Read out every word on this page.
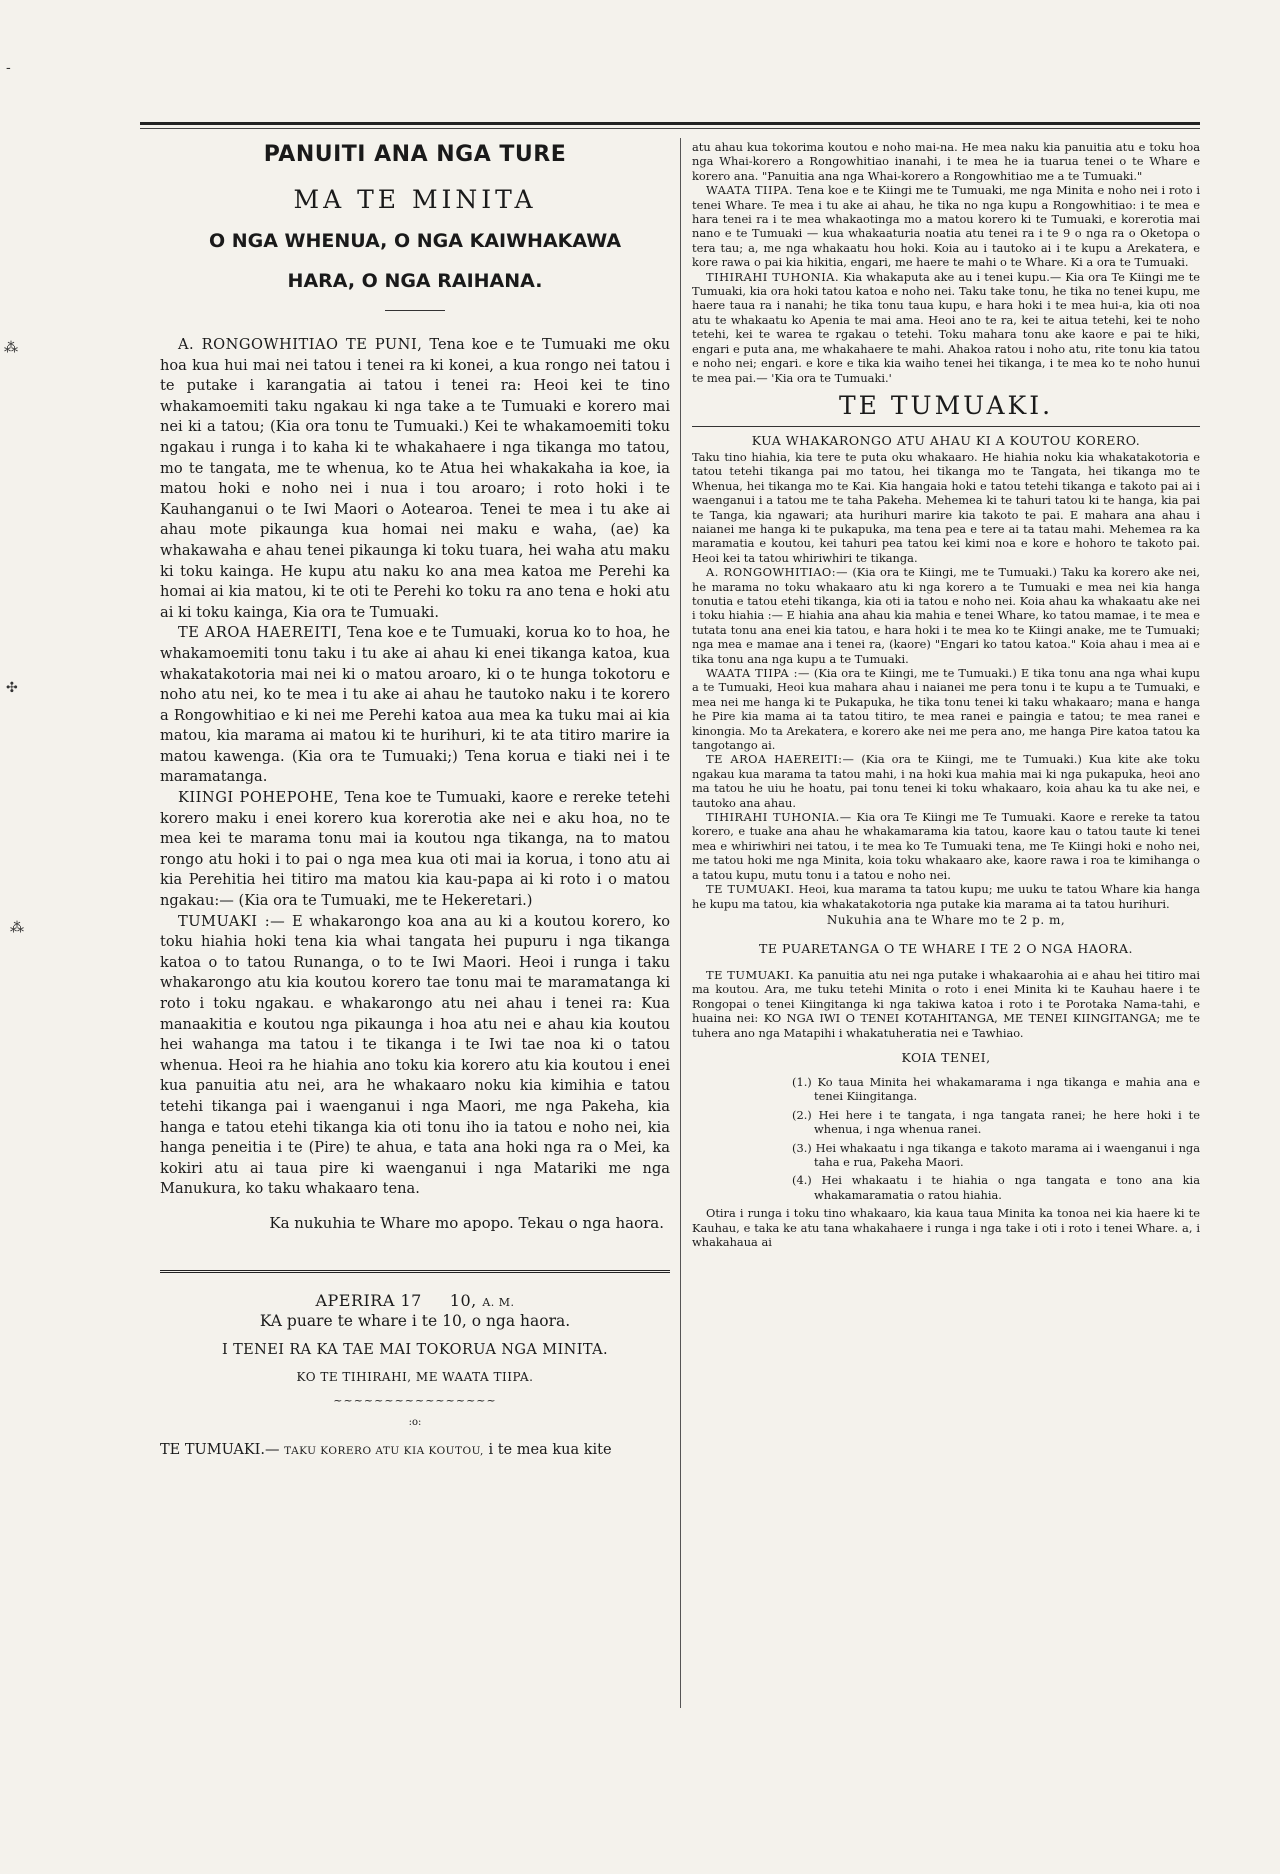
-
⁂
✣
⁂
PANUITI ANA NGA TURE
MA TE MINITA
O NGA WHENUA, O NGA KAIWHAKAWA
HARA, O NGA RAIHANA.

A. RONGOWHITIAO TE PUNI, Tena koe e te Tumuaki me oku hoa kua hui mai nei tatou i tenei ra ki konei, a kua rongo nei tatou i te putake i karangatia ai tatou i tenei ra: Heoi kei te tino whakamoemiti taku ngakau ki nga take a te Tumuaki e korero mai nei ki a tatou; (Kia ora tonu te Tumuaki.) Kei te whakamoemiti toku ngakau i runga i to kaha ki te whakahaere i nga tikanga mo tatou, mo te tangata, me te whenua, ko te Atua hei whakakaha ia koe, ia matou hoki e noho nei i nua i tou aroaro; i roto hoki i te Kauhanganui o te Iwi Maori o Aotearoa. Tenei te mea i tu ake ai ahau mote pikaunga kua homai nei maku e waha, (ae) ka whakawaha e ahau tenei pikaunga ki toku tuara, hei waha atu maku ki toku kainga. He kupu atu naku ko ana mea katoa me Perehi ka homai ai kia matou, ki te oti te Perehi ko toku ra ano tena e hoki atu ai ki toku kainga, Kia ora te Tumuaki.

TE AROA HAEREITI, Tena koe e te Tumuaki, korua ko to hoa, he whakamoemiti tonu taku i tu ake ai ahau ki enei tikanga katoa, kua whakatakotoria mai nei ki o matou aroaro, ki o te hunga tokotoru e noho atu nei, ko te mea i tu ake ai ahau he tautoko naku i te korero a Rongowhitiao e ki nei me Perehi katoa aua mea ka tuku mai ai kia matou, kia marama ai matou ki te hurihuri, ki te ata titiro marire ia matou kawenga. (Kia ora te Tumuaki;) Tena korua e tiaki nei i te maramatanga.

KIINGI POHEPOHE, Tena koe te Tumuaki, kaore e rereke tetehi korero maku i enei korero kua korerotia ake nei e aku hoa, no te mea kei te marama tonu mai ia koutou nga tikanga, na to matou rongo atu hoki i to pai o nga mea kua oti mai ia korua, i tono atu ai kia Perehitia hei titiro ma matou kia kau-papa ai ki roto i o matou ngakau:— (Kia ora te Tumuaki, me te Hekeretari.)

TUMUAKI :— E whakarongo koa ana au ki a koutou korero, ko toku hiahia hoki tena kia whai tangata hei pupuru i nga tikanga katoa o to tatou Runanga, o to te Iwi Maori. Heoi i runga i taku whakarongo atu kia koutou korero tae tonu mai te maramatanga ki roto i toku ngakau. e whakarongo atu nei ahau i tenei ra: Kua manaakitia e koutou nga pikaunga i hoa atu nei e ahau kia koutou hei wahanga ma tatou i te tikanga i te Iwi tae noa ki o tatou whenua. Heoi ra he hiahia ano toku kia korero atu kia koutou i enei kua panuitia atu nei, ara he whakaaro noku kia kimihia e tatou tetehi tikanga pai i waenganui i nga Maori, me nga Pakeha, kia hanga e tatou etehi tikanga kia oti tonu iho ia tatou e noho nei, kia hanga peneitia i te (Pire) te ahua, e tata ana hoki nga ra o Mei, ka kokiri atu ai taua pire ki waenganui i nga Matariki me nga Manukura, ko taku whakaaro tena.

Ka nukuhia te Whare mo apopo. Tekau o nga haora.
APERIRA 17 10, A. M.
KA puare te whare i te 10, o nga haora.
I TENEI RA KA TAE MAI TOKORUA NGA MINITA.
KO TE TIHIRAHI, ME WAATA TIIPA.
~~~~~~~~~~~~~~~~
:o:

TE TUMUAKI.— TAKU KORERO ATU KIA KOUTOU, i te mea kua kite

atu ahau kua tokorima koutou e noho mai-na. He mea naku kia panuitia atu e toku hoa nga Whai-korero a Rongowhitiao inanahi, i te mea he ia tuarua tenei o te Whare e korero ana. "Panuitia ana nga Whai-korero a Rongowhitiao me a te Tumuaki."

WAATA TIIPA. Tena koe e te Kiingi me te Tumuaki, me nga Minita e noho nei i roto i tenei Whare. Te mea i tu ake ai ahau, he tika no nga kupu a Rongowhitiao: i te mea e hara tenei ra i te mea whakaotinga mo a matou korero ki te Tumuaki, e korerotia mai nano e te Tumuaki — kua whakaaturia noatia atu tenei ra i te 9 o nga ra o Oketopa o tera tau; a, me nga whakaatu hou hoki. Koia au i tautoko ai i te kupu a Arekatera, e kore rawa o pai kia hikitia, engari, me haere te mahi o te Whare. Ki a ora te Tumuaki.

TIHIRAHI TUHONIA. Kia whakaputa ake au i tenei kupu.— Kia ora Te Kiingi me te Tumuaki, kia ora hoki tatou katoa e noho nei. Taku take tonu, he tika no tenei kupu, me haere taua ra i nanahi; he tika tonu taua kupu, e hara hoki i te mea hui-a, kia oti noa atu te whakaatu ko Apenia te mai ama. Heoi ano te ra, kei te aitua tetehi, kei te noho tetehi, kei te warea te rgakau o tetehi. Toku mahara tonu ake kaore e pai te hiki, engari e puta ana, me whakahaere te mahi. Ahakoa ratou i noho atu, rite tonu kia tatou e noho nei; engari. e kore e tika kia waiho tenei hei tikanga, i te mea ko te noho hunui te mea pai.— 'Kia ora te Tumuaki.'

TE TUMUAKI.
KUA WHAKARONGO ATU AHAU KI A KOUTOU KORERO.

Taku tino hiahia, kia tere te puta oku whakaaro. He hiahia noku kia whakatakotoria e tatou tetehi tikanga pai mo tatou, hei tikanga mo te Tangata, hei tikanga mo te Whenua, hei tikanga mo te Kai. Kia hangaia hoki e tatou tetehi tikanga e takoto pai ai i waenganui i a tatou me te taha Pakeha. Mehemea ki te tahuri tatou ki te hanga, kia pai te Tanga, kia ngawari; ata hurihuri marire kia takoto te pai. E mahara ana ahau i naianei me hanga ki te pukapuka, ma tena pea e tere ai ta tatau mahi. Mehemea ra ka maramatia e koutou, kei tahuri pea tatou kei kimi noa e kore e hohoro te takoto pai. Heoi kei ta tatou whiriwhiri te tikanga.

A. RONGOWHITIAO:— (Kia ora te Kiingi, me te Tumuaki.) Taku ka korero ake nei, he marama no toku whakaaro atu ki nga korero a te Tumuaki e mea nei kia hanga tonutia e tatou etehi tikanga, kia oti ia tatou e noho nei. Koia ahau ka whakaatu ake nei i toku hiahia :— E hiahia ana ahau kia mahia e tenei Whare, ko tatou mamae, i te mea e tutata tonu ana enei kia tatou, e hara hoki i te mea ko te Kiingi anake, me te Tumuaki; nga mea e mamae ana i tenei ra, (kaore) "Engari ko tatou katoa." Koia ahau i mea ai e tika tonu ana nga kupu a te Tumuaki.

WAATA TIIPA :— (Kia ora te Kiingi, me te Tumuaki.) E tika tonu ana nga whai kupu a te Tumuaki, Heoi kua mahara ahau i naianei me pera tonu i te kupu a te Tumuaki, e mea nei me hanga ki te Pukapuka, he tika tonu tenei ki taku whakaaro; mana e hanga he Pire kia mama ai ta tatou titiro, te mea ranei e paingia e tatou; te mea ranei e kinongia. Mo ta Arekatera, e korero ake nei me pera ano, me hanga Pire katoa tatou ka tangotango ai.

TE AROA HAEREITI:— (Kia ora te Kiingi, me te Tumuaki.) Kua kite ake toku ngakau kua marama ta tatou mahi, i na hoki kua mahia mai ki nga pukapuka, heoi ano ma tatou he uiu he hoatu, pai tonu tenei ki toku whakaaro, koia ahau ka tu ake nei, e tautoko ana ahau.

TIHIRAHI TUHONIA.— Kia ora Te Kiingi me Te Tumuaki. Kaore e rereke ta tatou korero, e tuake ana ahau he whakamarama kia tatou, kaore kau o tatou taute ki tenei mea e whiriwhiri nei tatou, i te mea ko Te Tumuaki tena, me Te Kiingi hoki e noho nei, me tatou hoki me nga Minita, koia toku whakaaro ake, kaore rawa i roa te kimihanga o a tatou kupu, mutu tonu i a tatou e noho nei.

TE TUMUAKI. Heoi, kua marama ta tatou kupu; me uuku te tatou Whare kia hanga he kupu ma tatou, kia whakatakotoria nga putake kia marama ai ta tatou hurihuri.

Nukuhia ana te Whare mo te 2 p. m,
TE PUARETANGA O TE WHARE I TE 2 O NGA HAORA.

TE TUMUAKI. Ka panuitia atu nei nga putake i whakaarohia ai e ahau hei titiro mai ma koutou. Ara, me tuku tetehi Minita o roto i enei Minita ki te Kauhau haere i te Rongopai o tenei Kiingitanga ki nga takiwa katoa i roto i te Porotaka Nama-tahi, e huaina nei: KO NGA IWI O TENEI KOTAHITANGA, ME TENEI KIINGITANGA; me te tuhera ano nga Matapihi i whakatuheratia nei e Tawhiao.

KOIA TENEI,

(1.) Ko taua Minita hei whakamarama i nga tikanga e mahia ana e tenei Kiingitanga.

(2.) Hei here i te tangata, i nga tangata ranei; he here hoki i te whenua, i nga whenua ranei.

(3.) Hei whakaatu i nga tikanga e takoto marama ai i waenganui i nga taha e rua, Pakeha Maori.

(4.) Hei whakaatu i te hiahia o nga tangata e tono ana kia whakamaramatia o ratou hiahia.

Otira i runga i toku tino whakaaro, kia kaua taua Minita ka tonoa nei kia haere ki te Kauhau, e taka ke atu tana whakahaere i runga i nga take i oti i roto i tenei Whare. a, i whakahaua ai
